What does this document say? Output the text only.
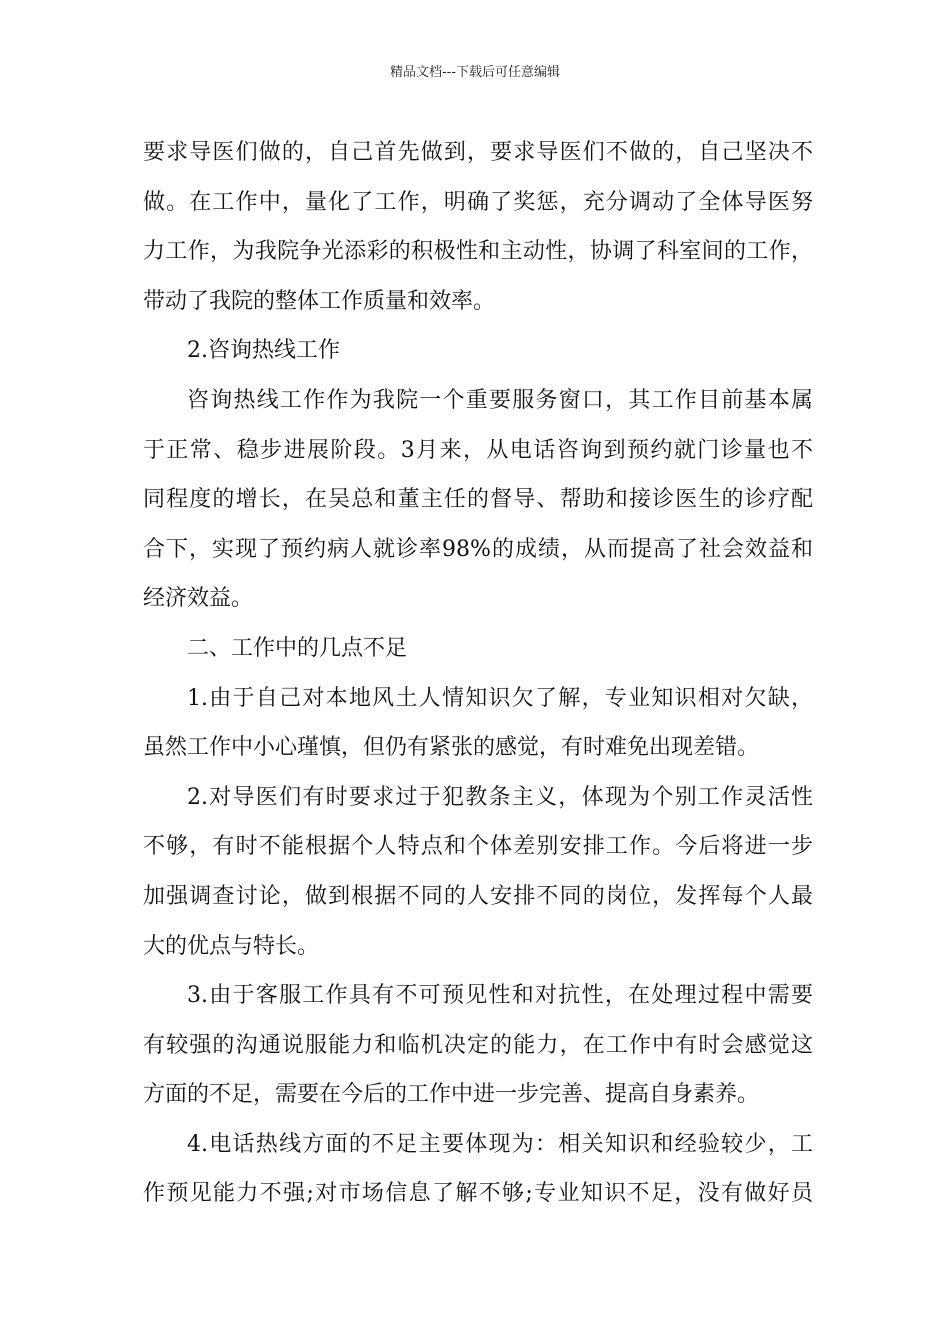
精品文档---下载后可任意编辑
要求导医们做的，自己首先做到，要求导医们不做的，自己坚决不
做。在工作中，量化了工作，明确了奖惩，充分调动了全体导医努
力工作，为我院争光添彩的积极性和主动性，协调了科室间的工作，
带动了我院的整体工作质量和效率。
2.咨询热线工作
咨询热线工作作为我院一个重要服务窗口，其工作目前基本属
于正常、稳步进展阶段。3月来，从电话咨询到预约就门诊量也不
同程度的增长，在吴总和董主任的督导、帮助和接诊医生的诊疗配
合下，实现了预约病人就诊率98%的成绩，从而提高了社会效益和
经济效益。
二、工作中的几点不足
1.由于自己对本地风土人情知识欠了解，专业知识相对欠缺，
虽然工作中小心瑾慎，但仍有紧张的感觉，有时难免出现差错。
2.对导医们有时要求过于犯教条主义，体现为个别工作灵活性
不够，有时不能根据个人特点和个体差别安排工作。今后将进一步
加强调查讨论，做到根据不同的人安排不同的岗位，发挥每个人最
大的优点与特长。
3.由于客服工作具有不可预见性和对抗性，在处理过程中需要
有较强的沟通说服能力和临机决定的能力，在工作中有时会感觉这
方面的不足，需要在今后的工作中进一步完善、提高自身素养。
4.电话热线方面的不足主要体现为：相关知识和经验较少，工
作预见能力不强;对市场信息了解不够;专业知识不足，没有做好员
